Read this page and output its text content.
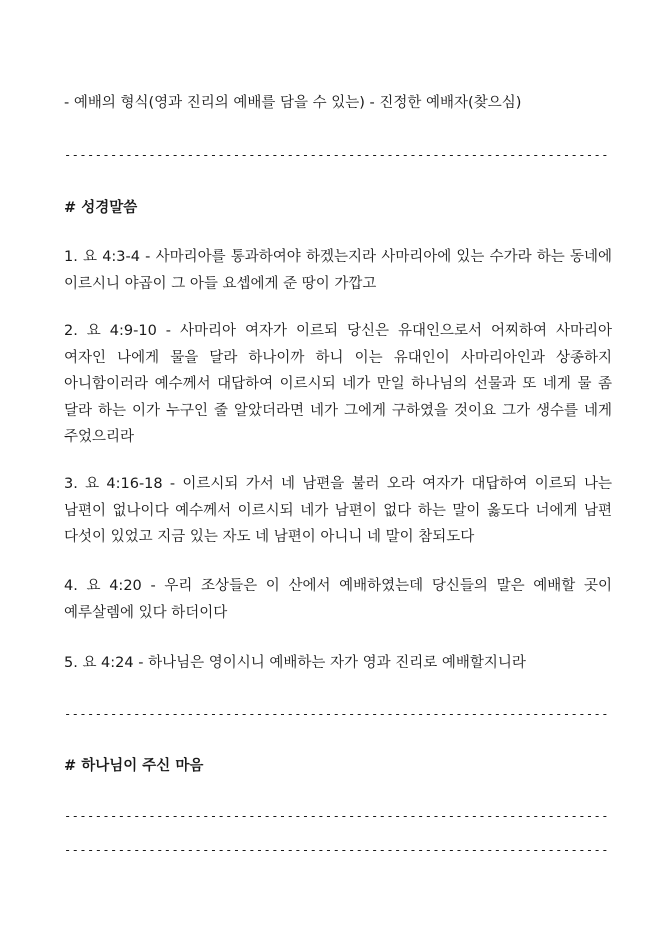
- 예배의 형식(영과 진리의 예배를 담을 수 있는) - 진정한 예배자(찾으심)
-----------------------------------------------------------------------
# 성경말씀
1. 요 4:3-4 - 사마리아를 통과하여야 하겠는지라 사마리아에 있는 수가라 하는 동네에 이르시니 야곱이 그 아들 요셉에게 준 땅이 가깝고
2. 요 4:9-10 - 사마리아 여자가 이르되 당신은 유대인으로서 어찌하여 사마리아 여자인 나에게 물을 달라 하나이까 하니 이는 유대인이 사마리아인과 상종하지 아니함이러라 예수께서 대답하여 이르시되 네가 만일 하나님의 선물과 또 네게 물 좀 달라 하는 이가 누구인 줄 알았더라면 네가 그에게 구하였을 것이요 그가 생수를 네게 주었으리라
3. 요 4:16-18 - 이르시되 가서 네 남편을 불러 오라 여자가 대답하여 이르되 나는 남편이 없나이다 예수께서 이르시되 네가 남편이 없다 하는 말이 옳도다 너에게 남편 다섯이 있었고 지금 있는 자도 네 남편이 아니니 네 말이 참되도다
4. 요 4:20 - 우리 조상들은 이 산에서 예배하였는데 당신들의 말은 예배할 곳이 예루살렘에 있다 하더이다
5. 요 4:24 - 하나님은 영이시니 예배하는 자가 영과 진리로 예배할지니라
-----------------------------------------------------------------------
# 하나님이 주신 마음
-----------------------------------------------------------------------
-----------------------------------------------------------------------
